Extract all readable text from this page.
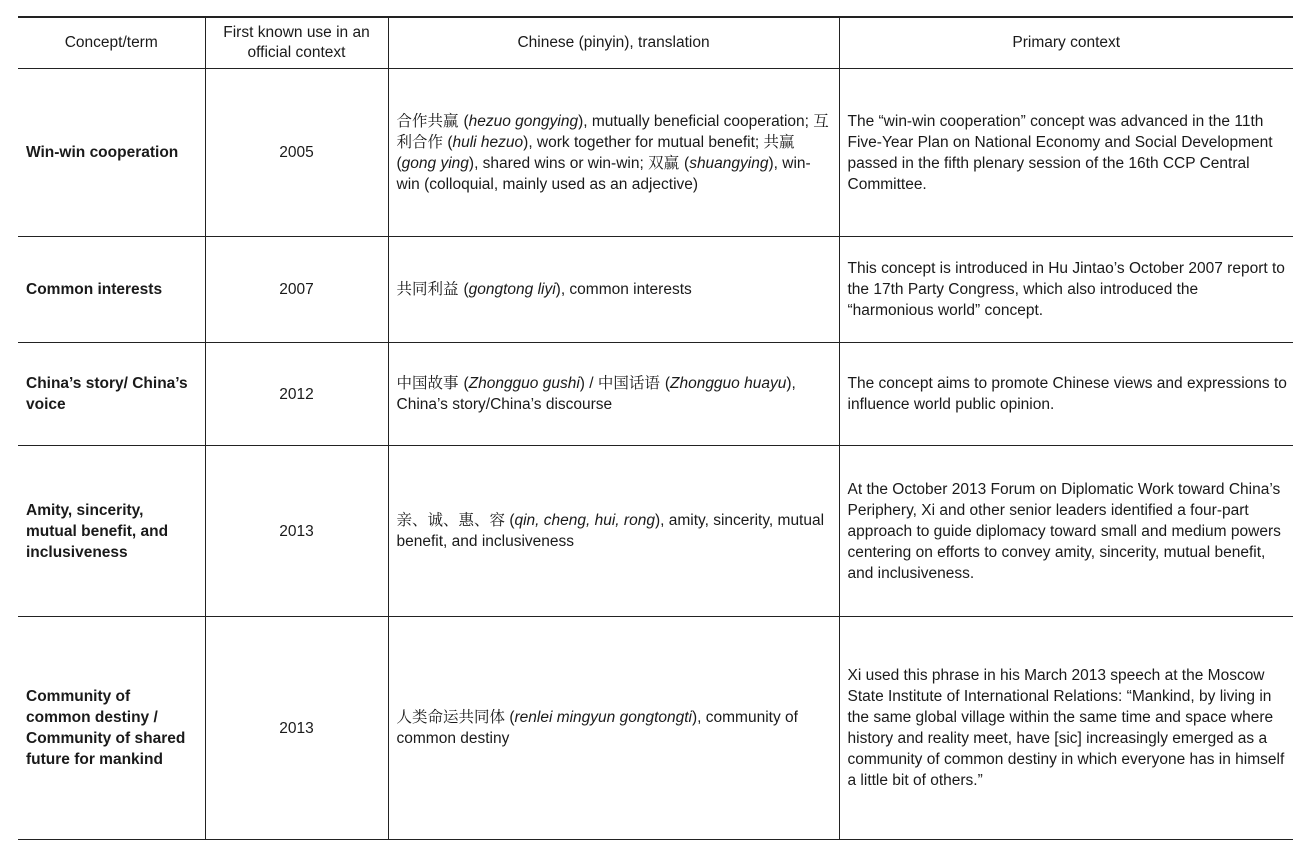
Concept/term	First known use in an official context	Chinese (pinyin), translation	Primary context
Win-win cooperation	2005	合作共赢 (hezuo gongying), mutually beneficial cooperation; 互利合作 (huli hezuo), work together for mutual benefit; 共赢 (gong ying), shared wins or win-win; 双赢 (shuangying), win-win (colloquial, mainly used as an adjective)	The “win-win cooperation” concept was advanced in the 11th Five-Year Plan on National Economy and Social Development passed in the fifth plenary session of the 16th CCP Central Committee.
Common interests	2007	共同利益 (gongtong liyi), common interests	This concept is introduced in Hu Jintao’s October 2007 report to the 17th Party Congress, which also introduced the “harmonious world” concept.
China’s story/ China’s voice	2012	中国故事 (Zhongguo gushi) / 中国话语 (Zhongguo huayu), China’s story/China’s discourse	The concept aims to promote Chinese views and expressions to influence world public opinion.
Amity, sincerity, mutual benefit, and inclusiveness	2013	亲、诚、惠、容 (qin, cheng, hui, rong), amity, sincerity, mutual benefit, and inclusiveness	At the October 2013 Forum on Diplomatic Work toward China’s Periphery, Xi and other senior leaders identified a four-part approach to guide diplomacy toward small and medium powers centering on efforts to convey amity, sincerity, mutual benefit, and inclusiveness.
Community of common destiny / Community of shared future for mankind	2013	人类命运共同体 (renlei mingyun gongtongti), community of common destiny	Xi used this phrase in his March 2013 speech at the Moscow State Institute of International Relations: “Mankind, by living in the same global village within the same time and space where history and reality meet, have [sic] increasingly emerged as a community of common destiny in which everyone has in himself a little bit of others.”
